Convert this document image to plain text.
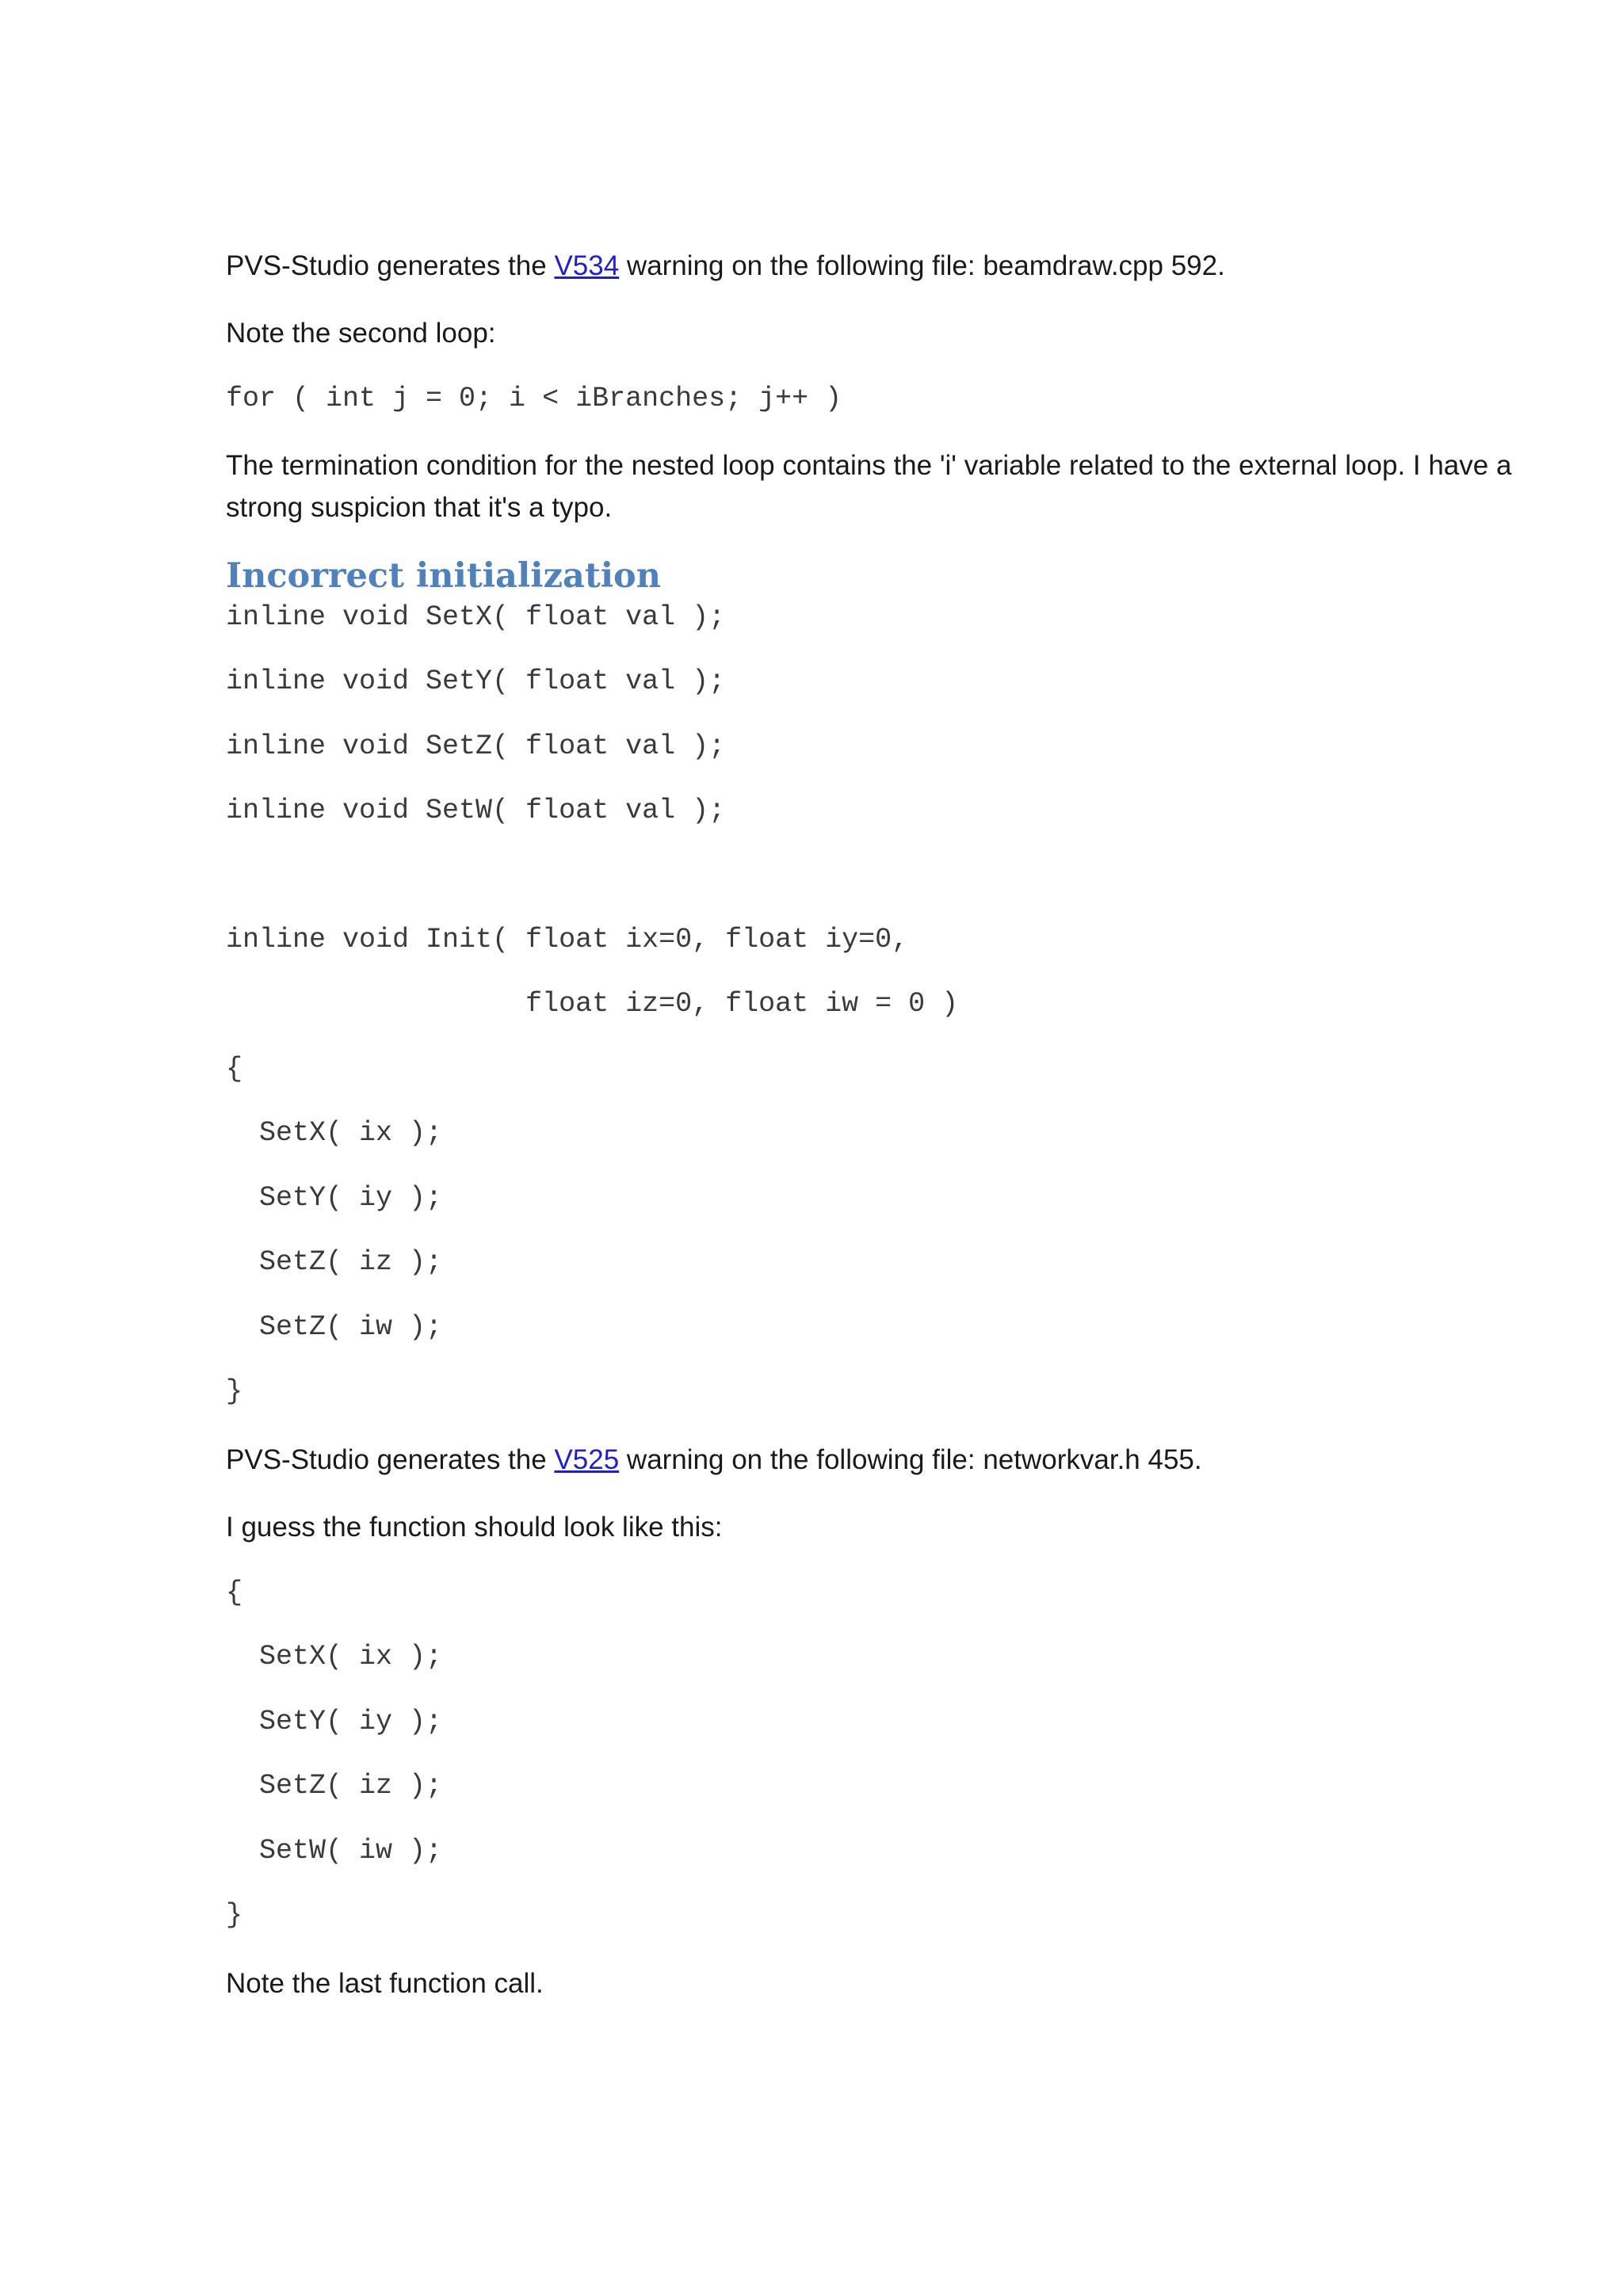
PVS-Studio generates the V534 warning on the following file: beamdraw.cpp 592.
Note the second loop:
for ( int j = 0; i < iBranches; j++ )
The termination condition for the nested loop contains the 'i' variable related to the external loop. I have a
strong suspicion that it's a typo.
Incorrect initialization
inline void SetX( float val );
inline void SetY( float val );
inline void SetZ( float val );
inline void SetW( float val );
inline void Init( float ix=0, float iy=0,
float iz=0, float iw = 0 )
{
SetX( ix );
SetY( iy );
SetZ( iz );
SetZ( iw );
}
PVS-Studio generates the V525 warning on the following file: networkvar.h 455.
I guess the function should look like this:
{
SetX( ix );
SetY( iy );
SetZ( iz );
SetW( iw );
}
Note the last function call.
